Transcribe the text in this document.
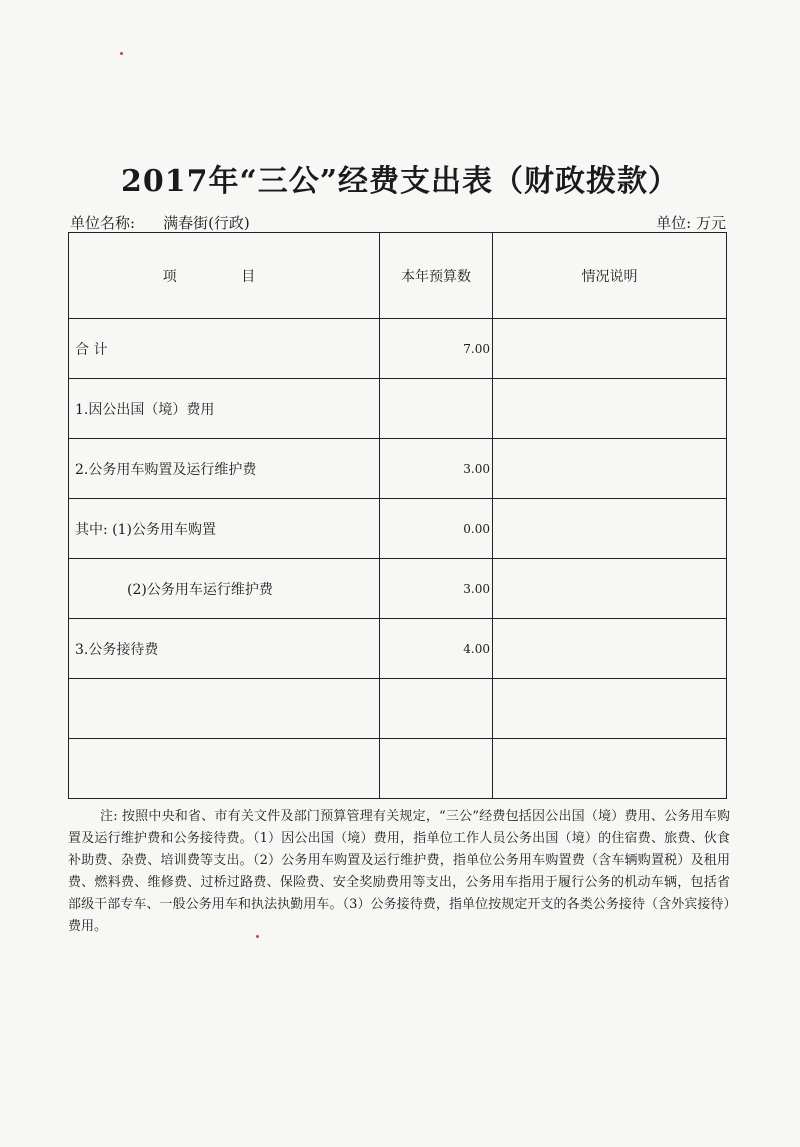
2017年“三公”经费支出表（财政拨款）
单位名称: 满春街(行政)	单位: 万元
项 目	本年预算数	情况说明
合 计	7.00	
1.因公出国（境）费用		
2.公务用车购置及运行维护费	3.00	
其中: (1)公务用车购置	0.00	
(2)公务用车运行维护费	3.00	
3.公务接待费	4.00	

注: 按照中央和省、市有关文件及部门预算管理有关规定，“三公”经费包括因公出国（境）费用、公务用车购置及运行维护费和公务接待费。（1）因公出国（境）费用，指单位工作人员公务出国（境）的住宿费、旅费、伙食补助费、杂费、培训费等支出。（2）公务用车购置及运行维护费，指单位公务用车购置费（含车辆购置税）及租用费、燃料费、维修费、过桥过路费、保险费、安全奖励费用等支出，公务用车指用于履行公务的机动车辆，包括省部级干部专车、一般公务用车和执法执勤用车。（3）公务接待费，指单位按规定开支的各类公务接待（含外宾接待）费用。
